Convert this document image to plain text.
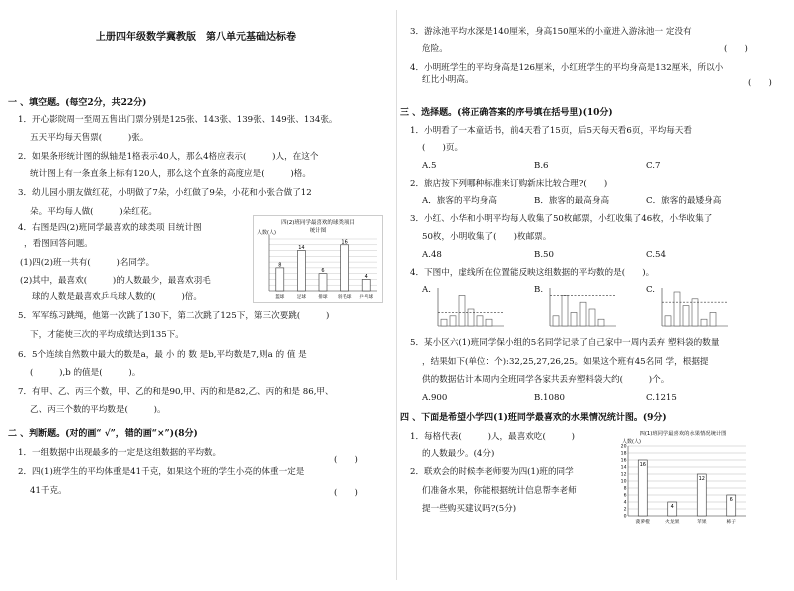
上册四年级数学冀教版　第八单元基础达标卷
一 、填空题。(每空2分，共22分)
1．开心影院周一至周五售出门票分别是125张、143张、139张、149张、134张。
五天平均每天售票(　　　)张。
2．如果条形统计图的纵轴是1格表示40人，那么4格应表示(　　　)人，在这个
统计图上有一条直条上标有120人，那么这个直条的高度应是(　　　)格。
3．幼儿园小朋友做红花，小明做了7朵，小红做了9朵，小花和小张合做了12
朵。平均每人做(　　　)朵红花。
4．右图是四(2)班同学最喜欢的球类项 目统计图
，看图回答问题。
(1)四(2)班一共有(　　　)名同学。
(2)其中，最喜欢(　　　)的人数最少，最喜欢羽毛
球的人数是最喜欢乒乓球人数的(　　　)倍。
四(2)班同学最喜欢的球类项目
统计图
人数(人)
8
14
6
16
4
篮球	足球	排球 羽毛球 乒乓球
5．军军练习跳绳，他第一次跳了130下，第二次跳了125下，第三次要跳(　　　)
下，才能使三次的平均成绩达到135下。
6．5个连续自然数中最大的数是a，最 小 的 数 是b,平均数是7,则a 的 值 是
(　　　),b 的值是(　　　)。
7．有甲、乙、丙三个数，甲、乙的和是90,甲、丙的和是82,乙、丙的和是 86,甲、
乙、丙三个数的平均数是(　　　)。
二 、判断题。(对的画“ √”，错的画“×”)(8分)
1．一组数据中出现最多的一定是这组数据的平均数。
(　　)
2．四(1)班学生的平均体重是41千克，如果这个班的学生小亮的体重一定是
41千克。	(　　)
3．游泳池平均水深是140厘米，身高150厘米的小童进入游泳池一 定没有
危险。	(　　)
4．小明班学生的平均身高是126厘米，小红班学生的平均身高是132厘米，所以小
红比小明高。	(　　)
三 、选择题。(将正确答案的序号填在括号里)(10分)
1．小明看了一本童话书，前4天看了15页，后5天每天看6页，平均每天看
(　　)页。
A.5	B.6	C.7
2．旅店按下列哪种标准来订购新床比较合理?(　　)
A．旅客的平均身高	B．旅客的最高身高	C．旅客的最矮身高
3．小红、小华和小明平均每人收集了50枚邮票，小红收集了46枚，小华收集了
50枚，小明收集了(　　)枚邮票。
A.48	B.50	C.54
4．下图中，虚线所在位置能反映这组数据的平均数的是(　　)。
A.	B.	C.
5．某小区六(1)班同学保小组的5名同学记录了自己家中一周内丢弃 塑料袋的数量
，结果如下(单位：个):32,25,27,26,25。如果这个班有45名同 学，根据提
供的数据估计本周内全班同学各家共丢弃塑料袋大约(　　　)个。
A.900	B.1080	C.1215
四 、下面是希望小学四(1)班同学最喜欢的水果情况统计图。(9分)
1．每格代表(　　　)人，最喜欢吃(　　　)
的人数最少。(4分)
2．联欢会的时候李老师要为四(1)班的同学
们准备水果，你能根据统计信息帮李老师
提一些购买建议吗?(5分)
四(1)班同学最喜欢的水果情况统计图
人数(人)
20
18
16
14
12
10
8
6
4
2
0
16
4
12
6
菠萝橙	火龙果	苹果	柿子
